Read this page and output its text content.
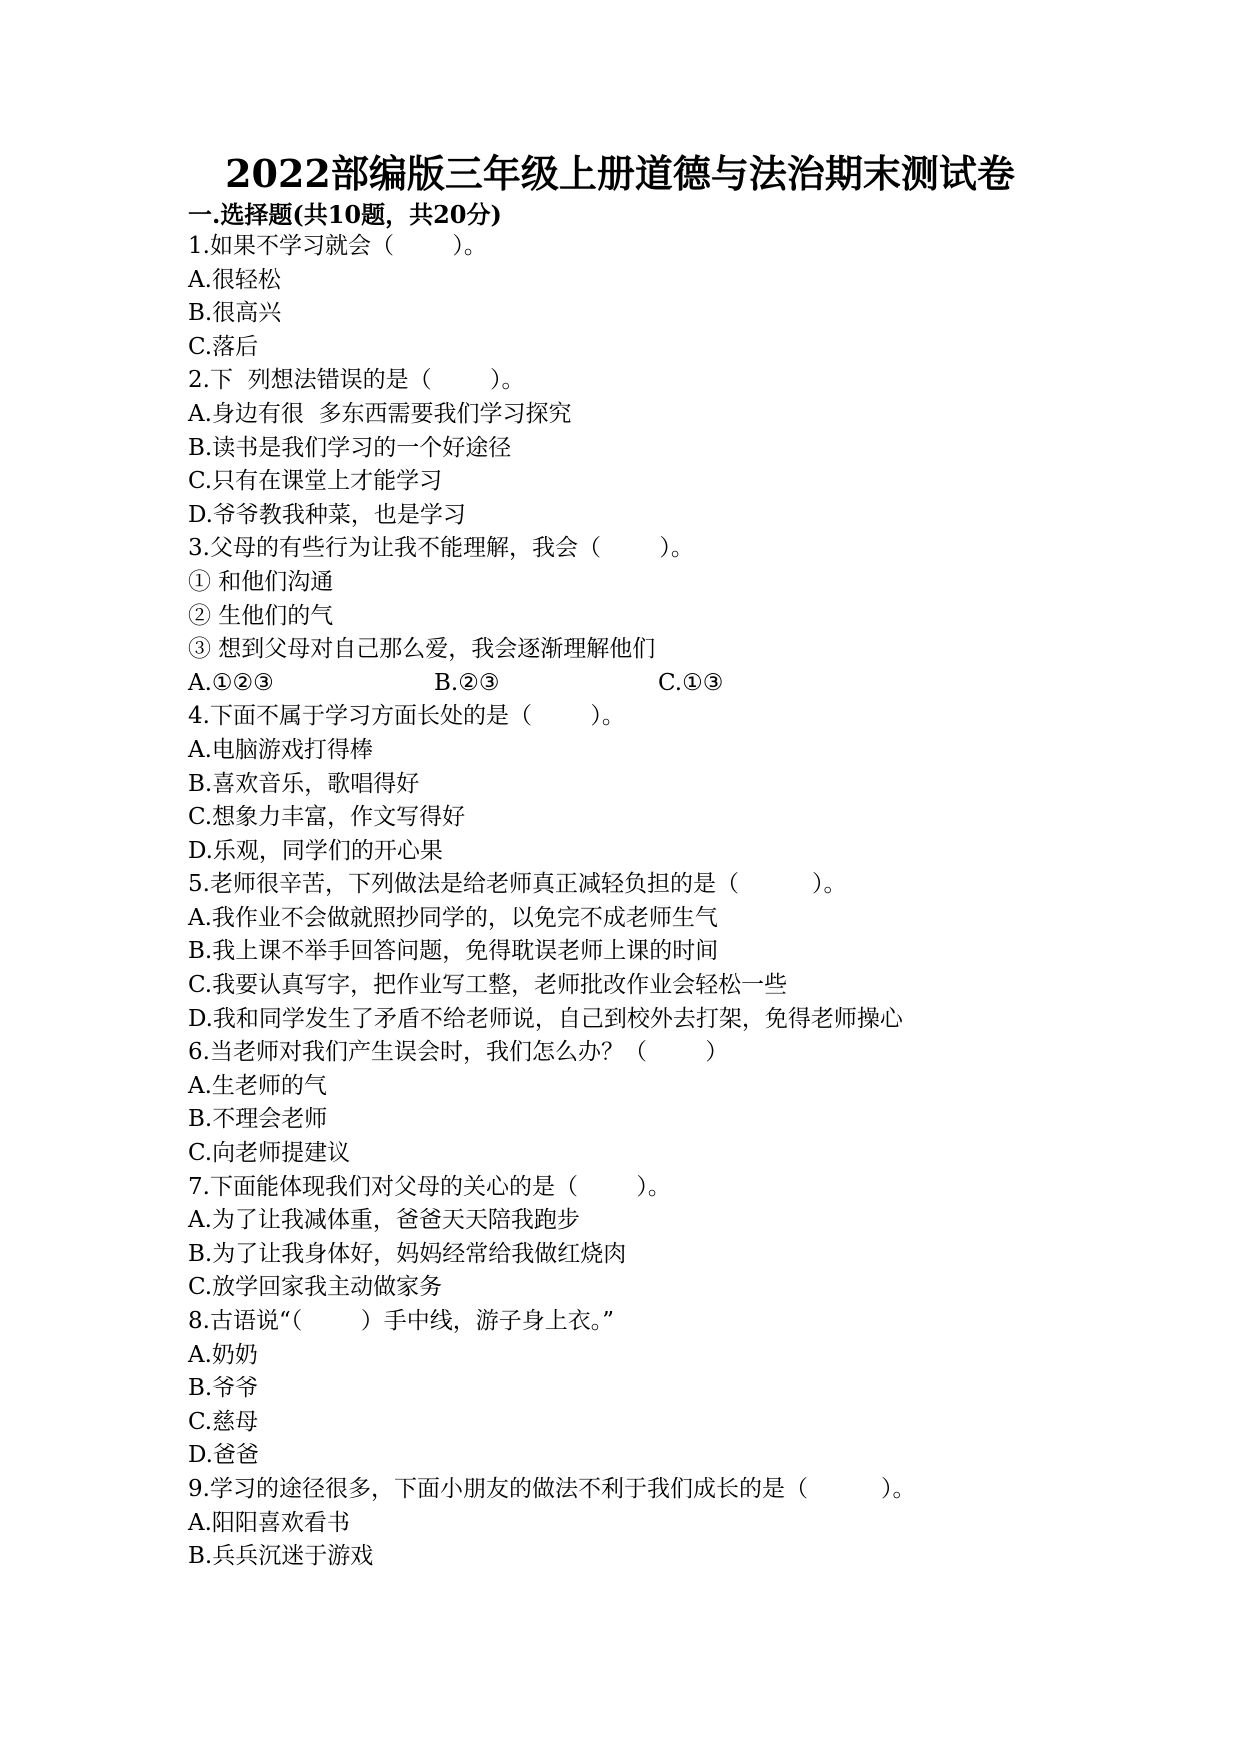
2022部编版三年级上册道德与法治期末测试卷
一.选择题(共10题，共20分)
1.如果不学习就会（        ）。
A.很轻松
B.很高兴
C.落后
2.下  列想法错误的是（        ）。
A.身边有很  多东西需要我们学习探究
B.读书是我们学习的一个好途径
C.只有在课堂上才能学习
D.爷爷教我种菜，也是学习
3.父母的有些行为让我不能理解，我会（        ）。
① 和他们沟通
② 生他们的气
③ 想到父母对自己那么爱，我会逐渐理解他们
A.①②③	B.②③	C.①③
4.下面不属于学习方面长处的是（        ）。
A.电脑游戏打得棒
B.喜欢音乐，歌唱得好
C.想象力丰富，作文写得好
D.乐观，同学们的开心果
5.老师很辛苦，下列做法是给老师真正减轻负担的是（          ）。
A.我作业不会做就照抄同学的，以免完不成老师生气
B.我上课不举手回答问题，免得耽误老师上课的时间
C.我要认真写字，把作业写工整，老师批改作业会轻松一些
D.我和同学发生了矛盾不给老师说，自己到校外去打架，免得老师操心
6.当老师对我们产生误会时，我们怎么办？（        ）
A.生老师的气
B.不理会老师
C.向老师提建议
7.下面能体现我们对父母的关心的是（        ）。
A.为了让我减体重，爸爸天天陪我跑步
B.为了让我身体好，妈妈经常给我做红烧肉
C.放学回家我主动做家务
8.古语说“（        ）手中线，游子身上衣。”
A.奶奶
B.爷爷
C.慈母
D.爸爸
9.学习的途径很多，下面小朋友的做法不利于我们成长的是（          ）。
A.阳阳喜欢看书
B.兵兵沉迷于游戏
